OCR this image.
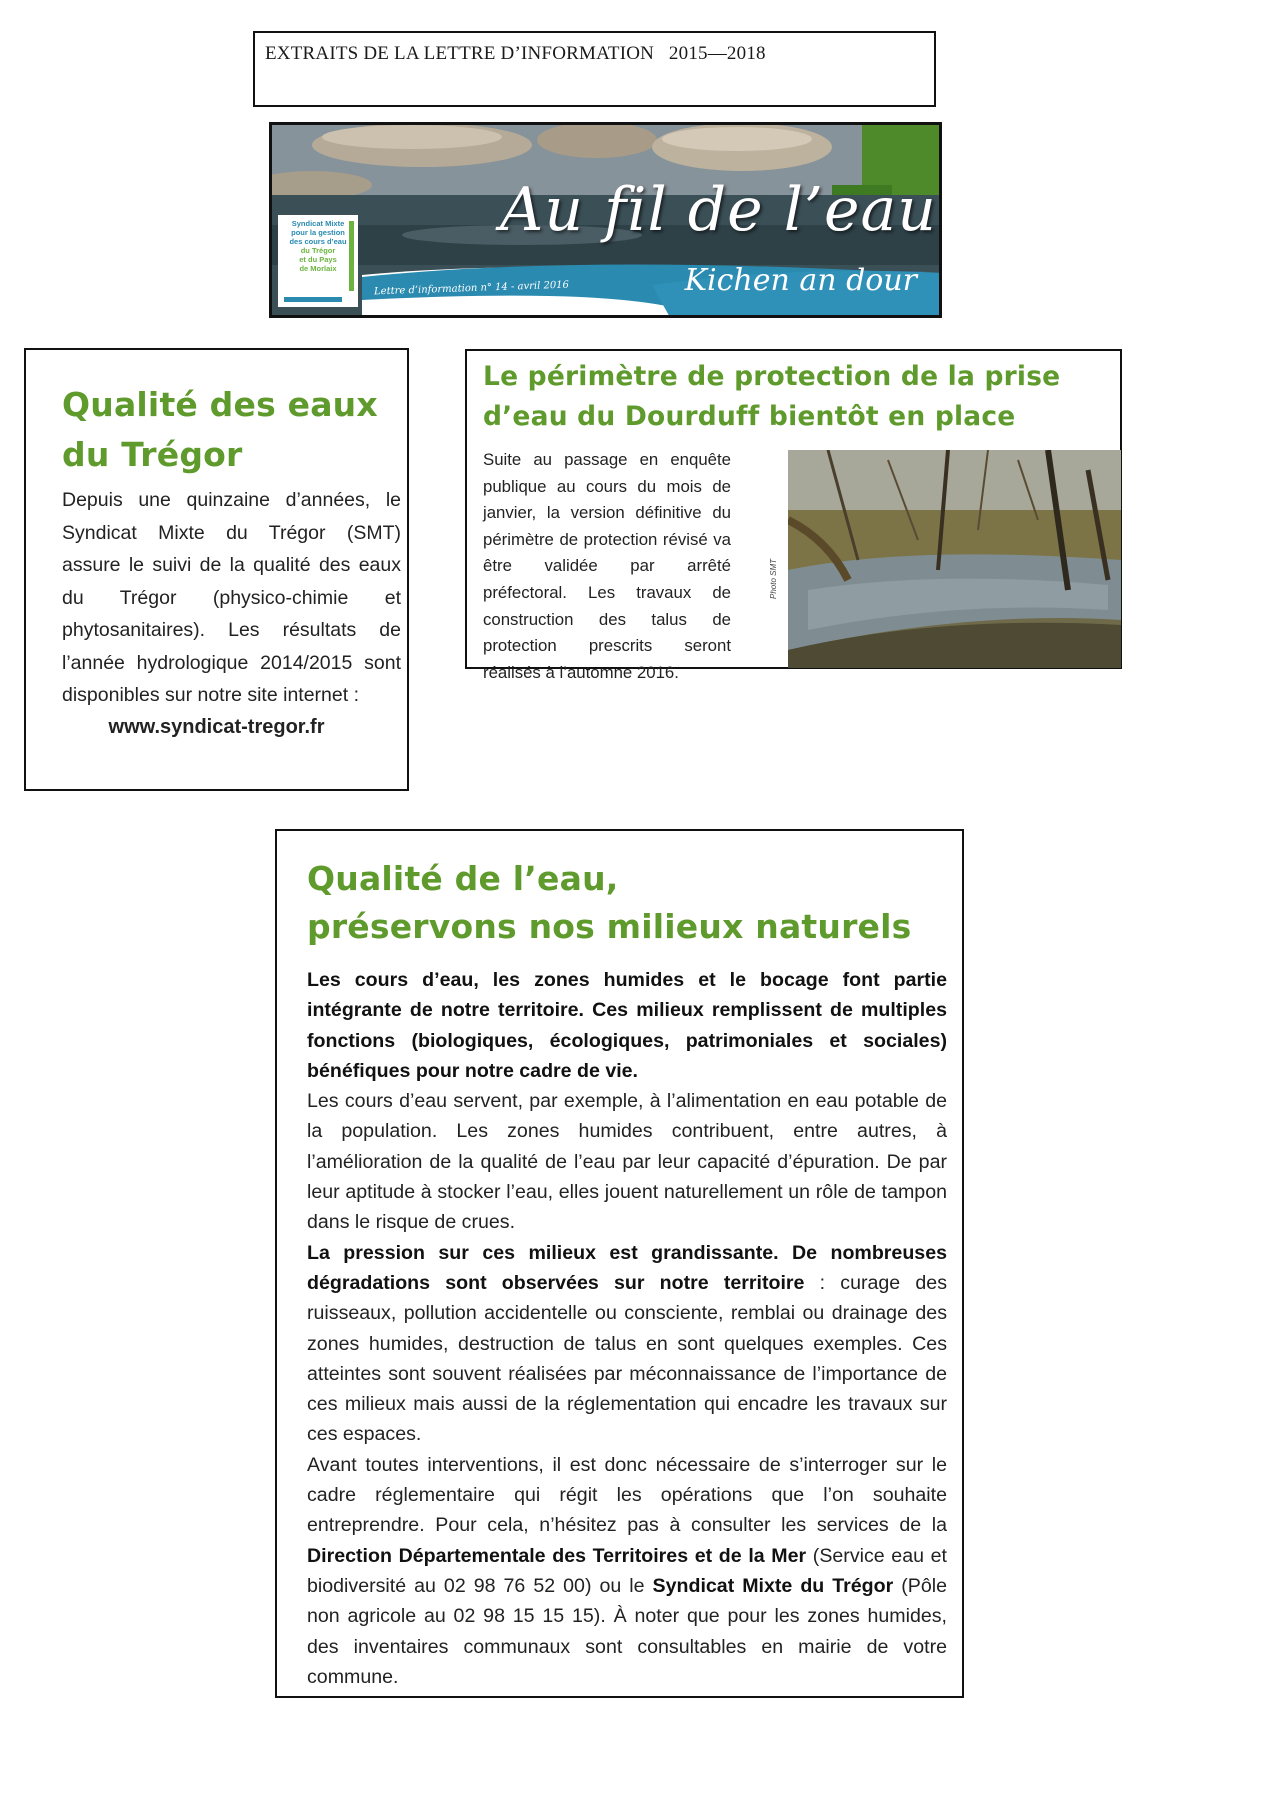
EXTRAITS DE LA LETTRE D’INFORMATION   2015—2018
Syndicat Mixte
pour la gestion
des cours d’eau
du Trégor
et du Pays
de Morlaix
Au fil de l’eau
Lettre d’information n° 14 - avril 2016	Kichen an dour
Qualité des eaux
du Trégor
Depuis une quinzaine d’années, le Syndicat Mixte du Trégor (SMT) assure le suivi de la qualité des eaux du Trégor (physico-chimie et phytosanitaires). Les résultats de l’année hydrologique 2014/2015 sont disponibles sur notre site internet :
www.syndicat-tregor.fr
Le périmètre de protection de la prise
d’eau du Dourduff bientôt en place
Suite au passage en enquête publique au cours du mois de janvier, la version définitive du périmètre de protection révisé va être validée par arrêté préfectoral. Les travaux de construction des talus de protection prescrits seront réalisés à l’automne 2016.
Photo SMT
Qualité de l’eau,
préservons nos milieux naturels

Les cours d’eau, les zones humides et le bocage font partie intégrante de notre territoire. Ces milieux remplissent de multiples fonctions (biologiques, écologiques, patrimoniales et sociales) bénéfiques pour notre cadre de vie.

Les cours d’eau servent, par exemple, à l’alimentation en eau potable de la population. Les zones humides contribuent, entre autres, à l’amélioration de la qualité de l’eau par leur capacité d’épuration. De par leur aptitude à stocker l’eau, elles jouent naturellement un rôle de tampon dans le risque de crues.

La pression sur ces milieux est grandissante. De nombreuses dégradations sont observées sur notre territoire : curage des ruisseaux, pollution accidentelle ou consciente, remblai ou drainage des zones humides, destruction de talus en sont quelques exemples. Ces atteintes sont souvent réalisées par méconnaissance de l’importance de ces milieux mais aussi de la réglementation qui encadre les travaux sur ces espaces.

Avant toutes interventions, il est donc nécessaire de s’interroger sur le cadre réglementaire qui régit les opérations que l’on souhaite entreprendre. Pour cela, n’hésitez pas à consulter les services de la Direction Départementale des Territoires et de la Mer (Service eau et biodiversité au 02 98 76 52 00) ou le Syndicat Mixte du Trégor (Pôle non agricole au 02 98 15 15 15). À noter que pour les zones humides, des inventaires communaux sont consultables en mairie de votre commune.
